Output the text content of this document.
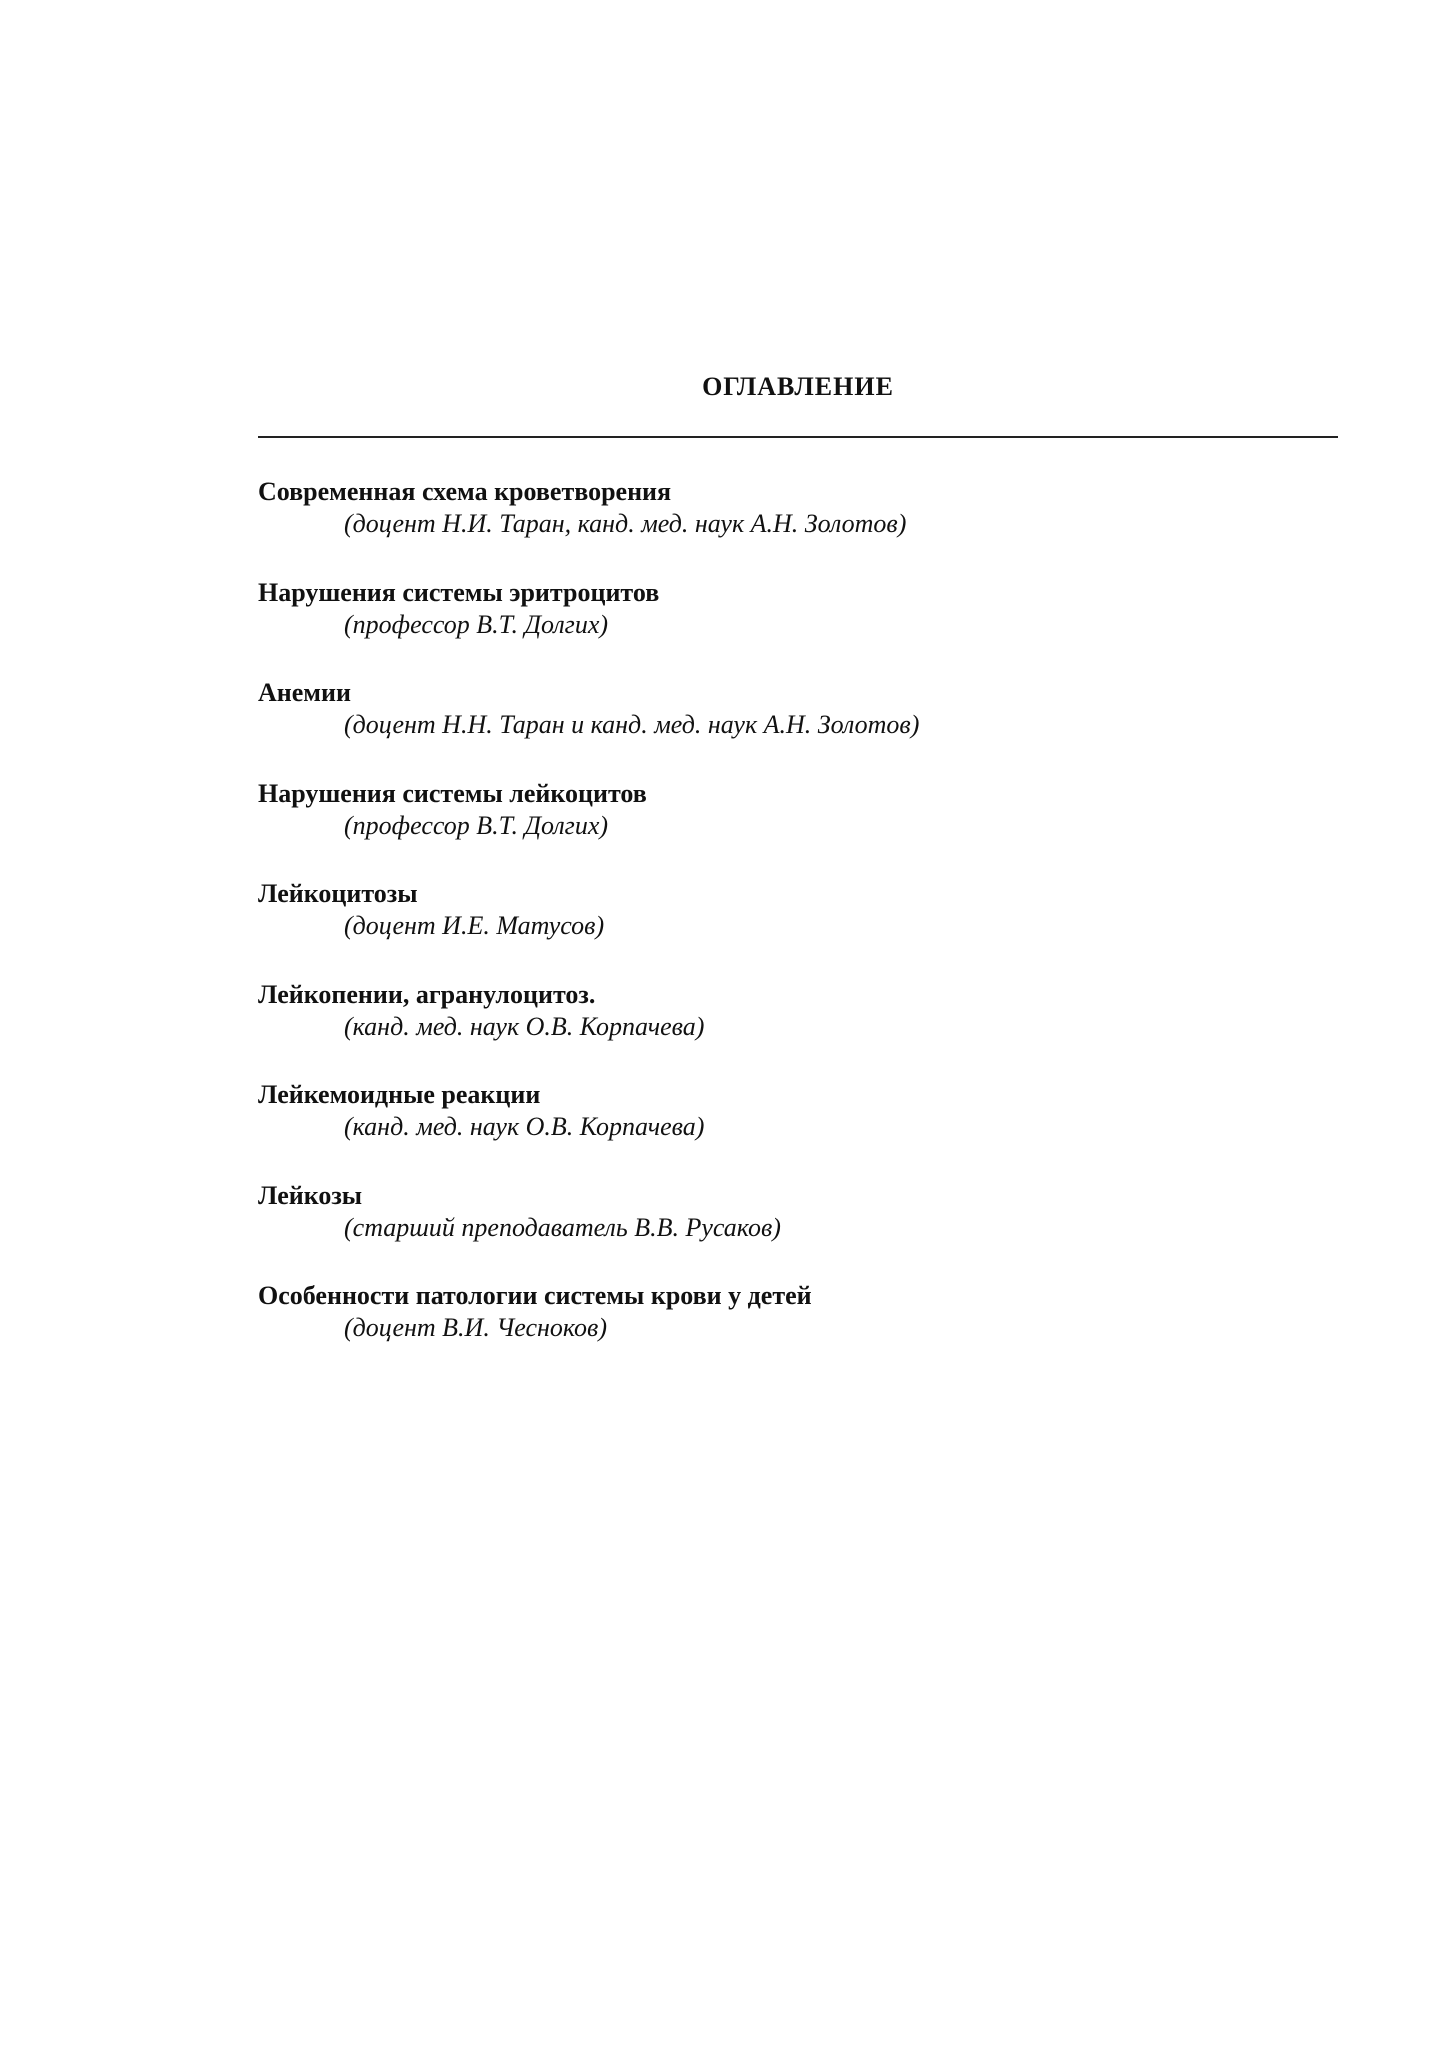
ОГЛАВЛЕНИЕ
Современная схема кроветворения
(доцент Н.И. Таран, канд. мед. наук А.Н. Золотов)
Нарушения системы эритроцитов
(профессор В.Т. Долгих)
Анемии
(доцент Н.Н. Таран и канд. мед. наук А.Н. Золотов)
Нарушения системы лейкоцитов
(профессор В.Т. Долгих)
Лейкоцитозы
(доцент И.Е. Матусов)
Лейкопении, агранулоцитоз.
(канд. мед. наук О.В. Корпачева)
Лейкемоидные реакции
(канд. мед. наук О.В. Корпачева)
Лейкозы
(старший преподаватель В.В. Русаков)
Особенности патологии системы крови у детей
(доцент В.И. Чесноков)
